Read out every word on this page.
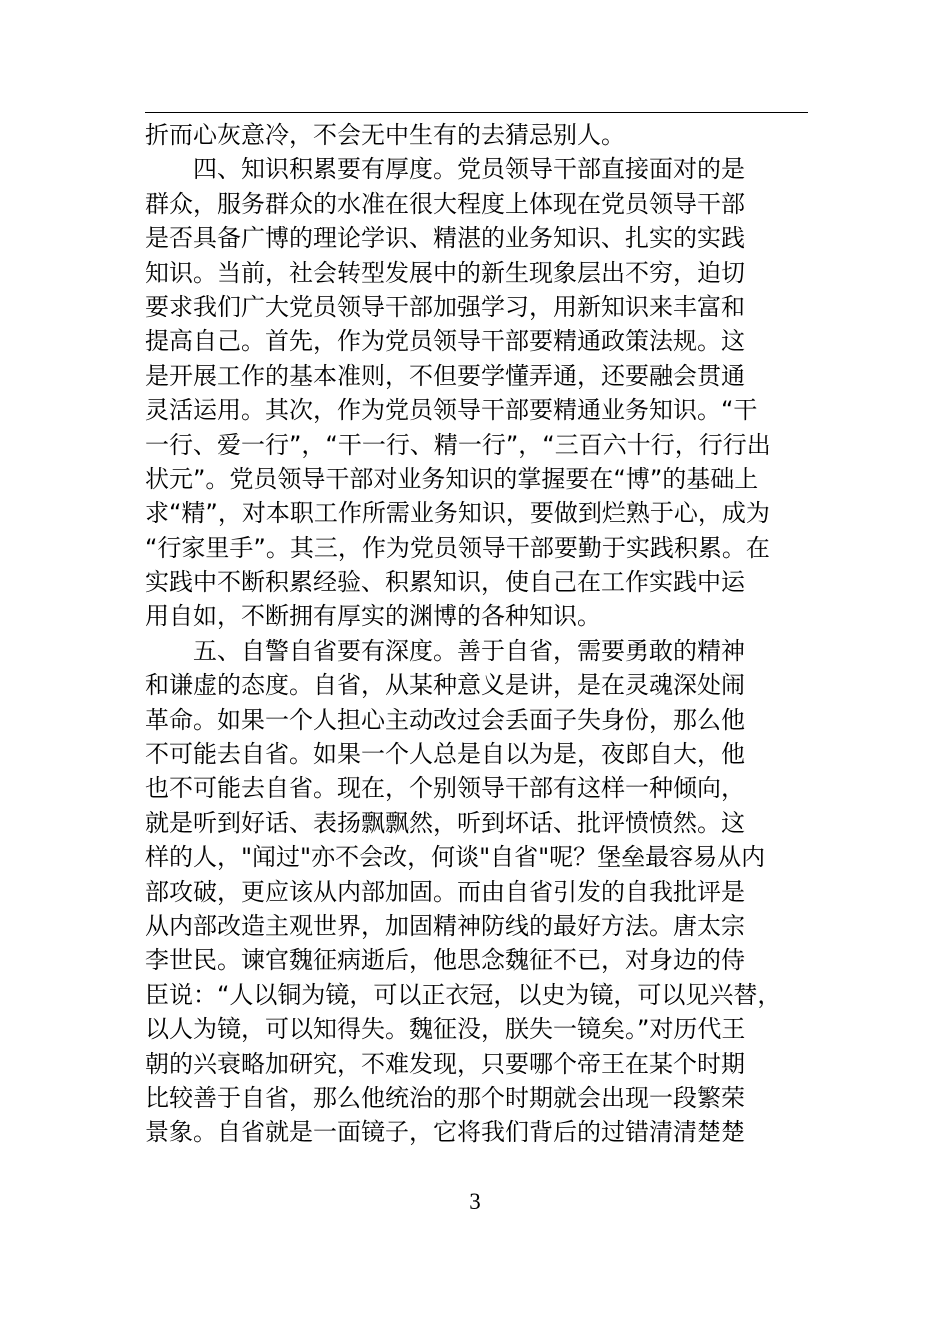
折而心灰意冷，不会无中生有的去猜忌别人。
　　四、知识积累要有厚度。党员领导干部直接面对的是
群众，服务群众的水准在很大程度上体现在党员领导干部
是否具备广博的理论学识、精湛的业务知识、扎实的实践
知识。当前，社会转型发展中的新生现象层出不穷，迫切
要求我们广大党员领导干部加强学习，用新知识来丰富和
提高自己。首先，作为党员领导干部要精通政策法规。这
是开展工作的基本准则，不但要学懂弄通，还要融会贯通
灵活运用。其次，作为党员领导干部要精通业务知识。“干
一行、爱一行”，“干一行、精一行”，“三百六十行，行行出
状元”。党员领导干部对业务知识的掌握要在“博”的基础上
求“精”，对本职工作所需业务知识，要做到烂熟于心，成为
“行家里手”。其三，作为党员领导干部要勤于实践积累。在
实践中不断积累经验、积累知识，使自己在工作实践中运
用自如，不断拥有厚实的渊博的各种知识。
　　五、自警自省要有深度。善于自省，需要勇敢的精神
和谦虚的态度。自省，从某种意义是讲，是在灵魂深处闹
革命。如果一个人担心主动改过会丢面子失身份，那么他
不可能去自省。如果一个人总是自以为是，夜郎自大，他
也不可能去自省。现在，个别领导干部有这样一种倾向，
就是听到好话、表扬飘飘然，听到坏话、批评愤愤然。这
样的人，"闻过"亦不会改，何谈"自省"呢？堡垒最容易从内
部攻破，更应该从内部加固。而由自省引发的自我批评是
从内部改造主观世界，加固精神防线的最好方法。唐太宗
李世民。谏官魏征病逝后，他思念魏征不已，对身边的侍
臣说：“人以铜为镜，可以正衣冠，以史为镜，可以见兴替，
以人为镜，可以知得失。魏征没，朕失一镜矣。”对历代王
朝的兴衰略加研究，不难发现，只要哪个帝王在某个时期
比较善于自省，那么他统治的那个时期就会出现一段繁荣
景象。自省就是一面镜子，它将我们背后的过错清清楚楚
3
